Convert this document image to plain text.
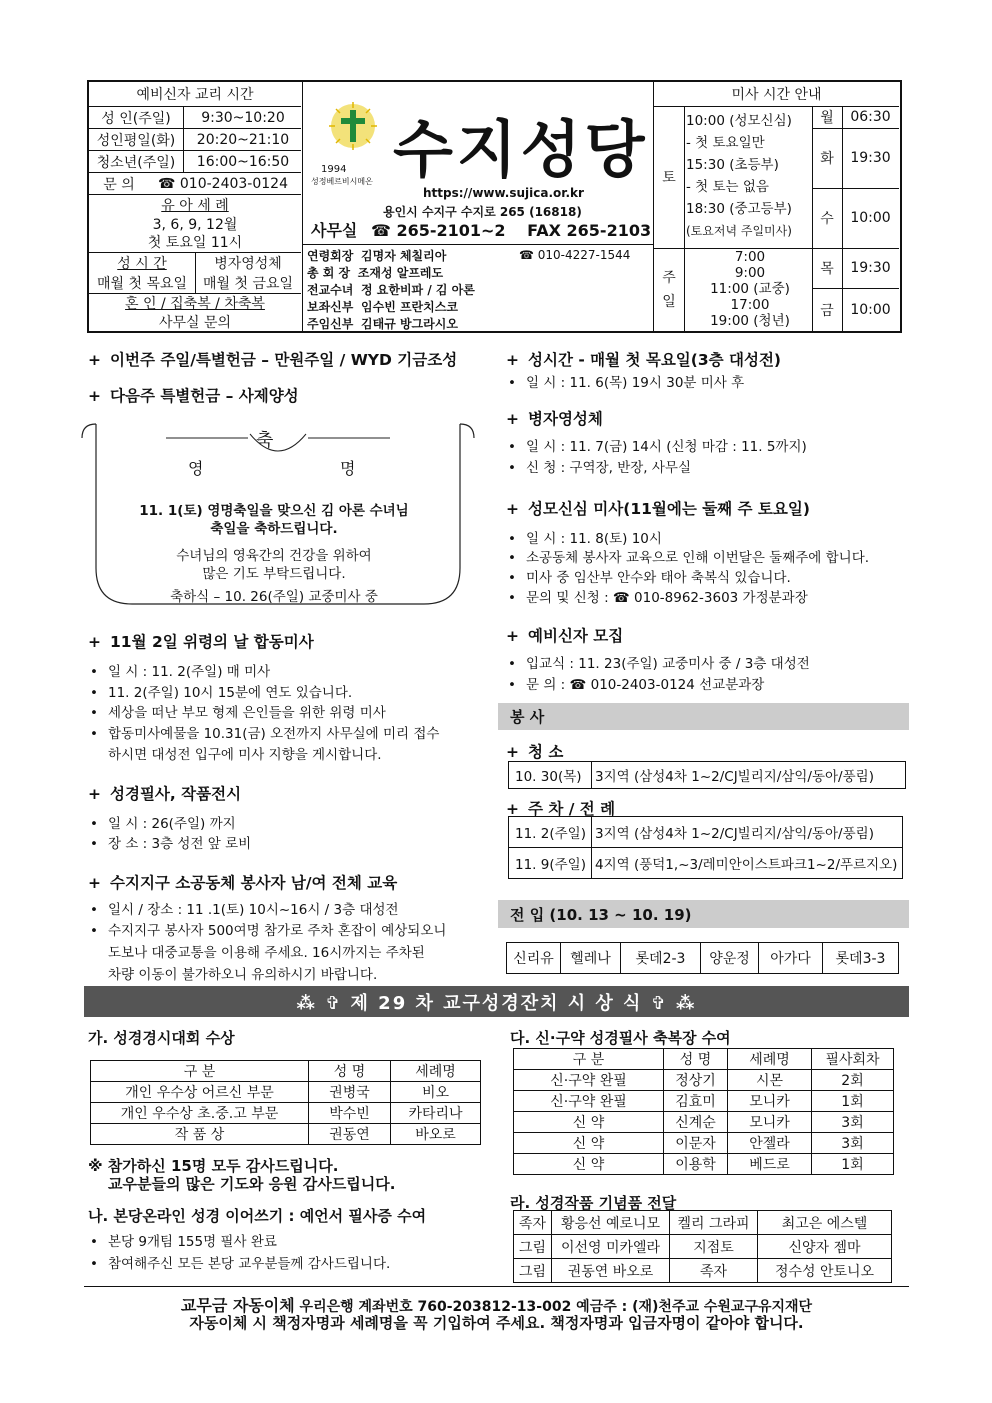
예비신자 교리 시간
성 인(주일)	9:30~10:20
성인평일(화)	20:20~21:10
청소년(주일)	16:00~16:50
문 의	☎ 010-2403-0124
유 아 세 례
3, 6, 9, 12월
첫 토요일 11시
성 시 간
매월 첫 목요일
병자영성체
매월 첫 금요일
혼 인 / 집축복 / 차축복
사무실 문의
1994
성정베르비시메온 수지성당
https://www.sujica.or.kr
용인시 수지구 수지로 265 (16818)
사무실 ☎ 265-2101~2 FAX 265-2103
연령회장 김명자 체칠리아
총 회 장 조재성 알프레도
전교수녀 정 요한비파 / 김 아론
보좌신부 임수빈 프란치스코
주임신부 김태규 방그라시오
☎ 010-4227-1544
미사 시간 안내
토
10:00 (성모신심)
- 첫 토요일만
15:30 (초등부)
- 첫 토는 없음
18:30 (중고등부)
(토요저녁 주일미사)
주 일
7:00
9:00
11:00 (교중)
17:00
19:00 (청년)
월	06:30
화	19:30
수	10:00
목	19:30
금	10:00
+ 이번주 주일/특별헌금 – 만원주일 / WYD 기금조성
+ 다음주 특별헌금 – 사제양성
축
영	명
11. 1(토) 영명축일을 맞으신 김 아론 수녀님
축일을 축하드립니다.
수녀님의 영육간의 건강을 위하여
많은 기도 부탁드립니다.
축하식 – 10. 26(주일) 교중미사 중
+ 11월 2일 위령의 날 합동미사
• 일 시 : 11. 2(주일) 매 미사
• 11. 2(주일) 10시 15분에 연도 있습니다.
• 세상을 떠난 부모 형제 은인들을 위한 위령 미사
• 합동미사예물을 10.31(금) 오전까지 사무실에 미리 접수
하시면 대성전 입구에 미사 지향을 게시합니다.
+ 성경필사, 작품전시
• 일 시 : 26(주일) 까지
• 장 소 : 3층 성전 앞 로비
+ 수지지구 소공동체 봉사자 남/여 전체 교육
• 일시 / 장소 : 11 .1(토) 10시~16시 / 3층 대성전
• 수지지구 봉사자 500여명 참가로 주차 혼잡이 예상되오니
도보나 대중교통을 이용해 주세요. 16시까지는 주차된
차량 이동이 불가하오니 유의하시기 바랍니다.
+ 성시간 - 매월 첫 목요일(3층 대성전)
• 일 시 : 11. 6(목) 19시 30분 미사 후
+ 병자영성체
• 일 시 : 11. 7(금) 14시 (신청 마감 : 11. 5까지)
• 신 청 : 구역장, 반장, 사무실
+ 성모신심 미사(11월에는 둘째 주 토요일)
• 일 시 : 11. 8(토) 10시
• 소공동체 봉사자 교육으로 인해 이번달은 둘째주에 합니다.
• 미사 중 임산부 안수와 태아 축복식 있습니다.
• 문의 및 신청 : ☎ 010-8962-3603 가정분과장
+ 예비신자 모집
• 입교식 : 11. 23(주일) 교중미사 중 / 3층 대성전
• 문 의 : ☎ 010-2403-0124 선교분과장
봉 사
+ 청 소
10. 30(목) 3지역 (삼성4차 1~2/CJ빌리지/삼익/동아/풍림)
+ 주 차 / 전 례
11. 2(주일) 3지역 (삼성4차 1~2/CJ빌리지/삼익/동아/풍림)
11. 9(주일) 4지역 (풍덕1,~3/레미안이스트파크1~2/푸르지오)
전 입 (10. 13 ~ 10. 19)
신리유	헬레나	롯데2-3	양운정	아가다	롯데3-3
⁂ ✞ 제 29 차 교구성경잔치 시 상 식 ✞ ⁂
가. 성경경시대회 수상
구 분	성 명	세례명
개인 우수상 어르신 부문	권병국	비오
개인 우수상 초.중.고 부문	박수빈	카타리나
작 품 상	권동연	바오로
※ 참가하신 15명 모두 감사드립니다.
교우분들의 많은 기도와 응원 감사드립니다.
나. 본당온라인 성경 이어쓰기 : 예언서 필사증 수여
• 본당 9개팀 155명 필사 완료
• 참여해주신 모든 본당 교우분들께 감사드립니다.
다. 신·구약 성경필사 축복장 수여
구 분	성 명	세례명	필사회차
신·구약 완필	정상기	시몬	2회
신·구약 완필	김효미	모니카	1회
신 약	신계순	모니카	3회
신 약	이문자	안젤라	3회
신 약	이용학	베드로	1회
라. 성경작품 기념품 전달
족자	황응선 예로니모	켈리 그라피	최고은 에스텔
그림	이선영 미카엘라	지점토	신양자 젬마
그림	권동연 바오로	족자	정수성 안토니오
교무금 자동이체 우리은행 계좌번호 760-203812-13-002 예금주 : (재)천주교 수원교구유지재단
자동이체 시 책정자명과 세례명을 꼭 기입하여 주세요. 책정자명과 입금자명이 같아야 합니다.
